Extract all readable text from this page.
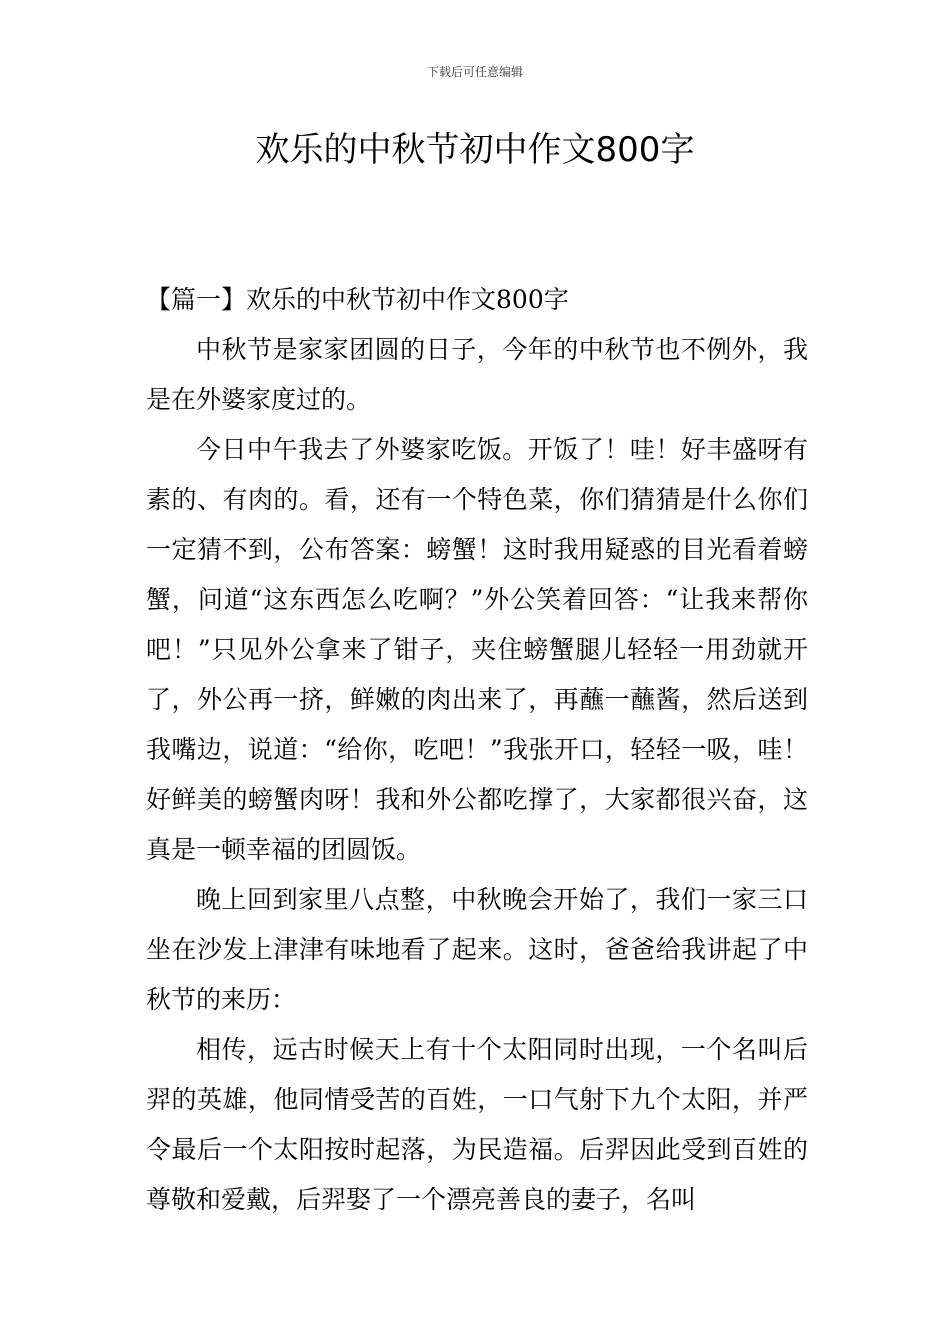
下载后可任意编辑
欢乐的中秋节初中作文800字

【篇一】欢乐的中秋节初中作文800字

中秋节是家家团圆的日子，今年的中秋节也不例外，我是在外婆家度过的。

今日中午我去了外婆家吃饭。开饭了！哇！好丰盛呀有素的、有肉的。看，还有一个特色菜，你们猜猜是什么你们一定猜不到，公布答案：螃蟹！这时我用疑惑的目光看着螃蟹，问道“这东西怎么吃啊？”外公笑着回答：“让我来帮你吧！”只见外公拿来了钳子，夹住螃蟹腿儿轻轻一用劲就开了，外公再一挤，鲜嫩的肉出来了，再蘸一蘸酱，然后送到我嘴边，说道：“给你，吃吧！”我张开口，轻轻一吸，哇！好鲜美的螃蟹肉呀！我和外公都吃撑了，大家都很兴奋，这真是一顿幸福的团圆饭。

晚上回到家里八点整，中秋晚会开始了，我们一家三口坐在沙发上津津有味地看了起来。这时，爸爸给我讲起了中秋节的来历：

相传，远古时候天上有十个太阳同时出现，一个名叫后羿的英雄，他同情受苦的百姓，一口气射下九个太阳，并严令最后一个太阳按时起落，为民造福。后羿因此受到百姓的尊敬和爱戴，后羿娶了一个漂亮善良的妻子，名叫
